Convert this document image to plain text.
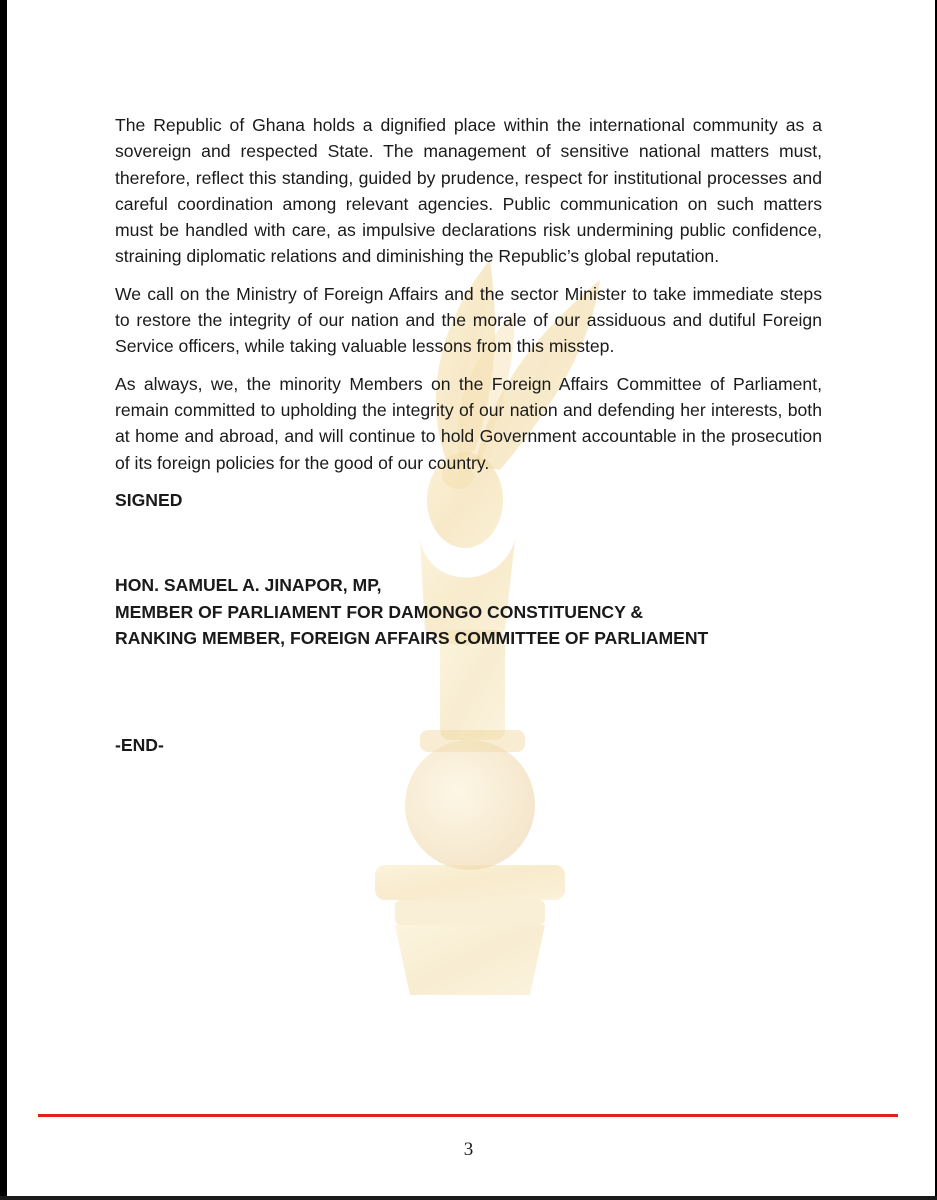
The Republic of Ghana holds a dignified place within the international community as a sovereign and respected State. The management of sensitive national matters must, therefore, reflect this standing, guided by prudence, respect for institutional processes and careful coordination among relevant agencies. Public communication on such matters must be handled with care, as impulsive declarations risk undermining public confidence, straining diplomatic relations and diminishing the Republic’s global reputation.

We call on the Ministry of Foreign Affairs and the sector Minister to take immediate steps to restore the integrity of our nation and the morale of our assiduous and dutiful Foreign Service officers, while taking valuable lessons from this misstep.

As always, we, the minority Members on the Foreign Affairs Committee of Parliament, remain committed to upholding the integrity of our nation and defending her interests, both at home and abroad, and will continue to hold Government accountable in the prosecution of its foreign policies for the good of our country.

SIGNED
HON. SAMUEL A. JINAPOR, MP,
MEMBER OF PARLIAMENT FOR DAMONGO CONSTITUENCY &
RANKING MEMBER, FOREIGN AFFAIRS COMMITTEE OF PARLIAMENT
-END-
3
